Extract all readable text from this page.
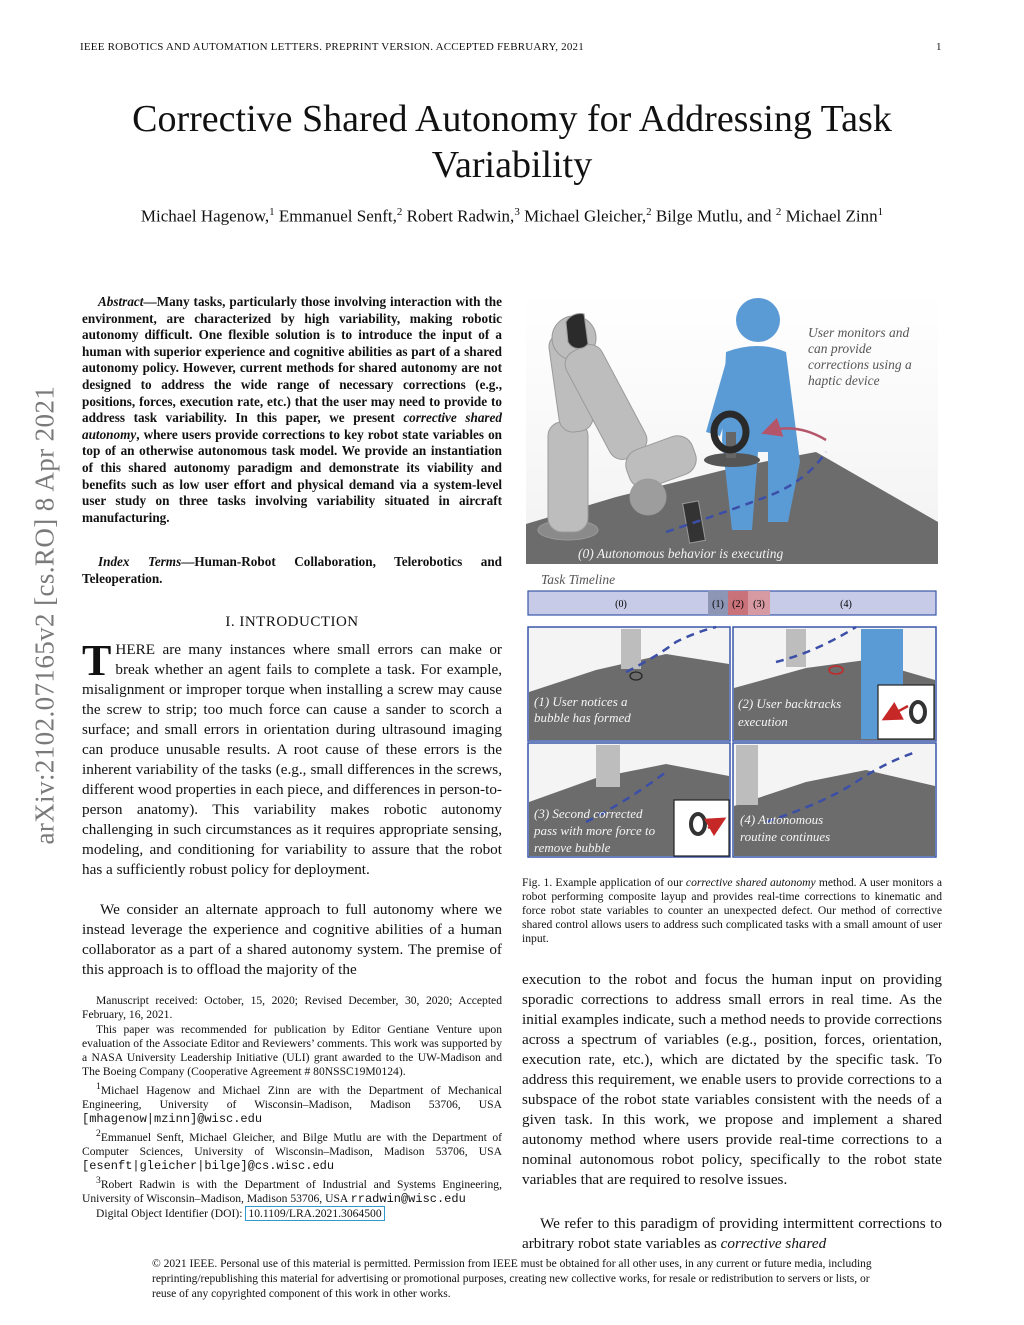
IEEE ROBOTICS AND AUTOMATION LETTERS. PREPRINT VERSION. ACCEPTED FEBRUARY, 2021	1
Corrective Shared Autonomy for Addressing Task Variability
Michael Hagenow,$^1$ Emmanuel Senft,$^2$ Robert Radwin,$^3$ Michael Gleicher,$^2$ Bilge Mutlu, and $^2$ Michael Zinn$^1$
arXiv:2102.07165v2 [cs.RO] 8 Apr 2021
Abstract—Many tasks, particularly those involving interaction with the environment, are characterized by high variability, making robotic autonomy difficult. One flexible solution is to introduce the input of a human with superior experience and cognitive abilities as part of a shared autonomy policy. However, current methods for shared autonomy are not designed to address the wide range of necessary corrections (e.g., positions, forces, execution rate, etc.) that the user may need to provide to address task variability. In this paper, we present corrective shared autonomy, where users provide corrections to key robot state variables on top of an otherwise autonomous task model. We provide an instantiation of this shared autonomy paradigm and demonstrate its viability and benefits such as low user effort and physical demand via a system-level user study on three tasks involving variability situated in aircraft manufacturing.
Index Terms—Human-Robot Collaboration, Telerobotics and Teleoperation.
I. INTRODUCTION
THERE are many instances where small errors can make or break whether an agent fails to complete a task. For example, misalignment or improper torque when installing a screw may cause the screw to strip; too much force can cause a sander to scorch a surface; and small errors in orientation during ultrasound imaging can produce unusable results. A root cause of these errors is the inherent variability of the tasks (e.g., small differences in the screws, different wood properties in each piece, and differences in person-to-person anatomy). This variability makes robotic autonomy challenging in such circumstances as it requires appropriate sensing, modeling, and conditioning for variability to assure that the robot has a sufficiently robust policy for deployment.
We consider an alternate approach to full autonomy where we instead leverage the experience and cognitive abilities of a human collaborator as a part of a shared autonomy system. The premise of this approach is to offload the majority of the

Manuscript received: October, 15, 2020; Revised December, 30, 2020; Accepted February, 16, 2021.

This paper was recommended for publication by Editor Gentiane Venture upon evaluation of the Associate Editor and Reviewers’ comments. This work was supported by a NASA University Leadership Initiative (ULI) grant awarded to the UW-Madison and The Boeing Company (Cooperative Agreement # 80NSSC19M0124).

$^1$Michael Hagenow and Michael Zinn are with the Department of Mechanical Engineering, University of Wisconsin–Madison, Madison 53706, USA [mhagenow|mzinn]@wisc.edu

$^2$Emmanuel Senft, Michael Gleicher, and Bilge Mutlu are with the Department of Computer Sciences, University of Wisconsin–Madison, Madison 53706, USA [esenft|gleicher|bilge]@cs.wisc.edu

$^3$Robert Radwin is with the Department of Industrial and Systems Engineering, University of Wisconsin–Madison, Madison 53706, USA rradwin@wisc.edu

Digital Object Identifier (DOI): 10.1109/LRA.2021.3064500

User monitors and can provide corrections using a haptic device
(0) Autonomous behavior is executing
Task Timeline
(0)	(1) (2) (3)	(4)
(1) User notices a bubble has formed
(2) User backtracks execution
(3) Second corrected pass with more force to remove bubble
(4) Autonomous routine continues
Fig. 1. Example application of our corrective shared autonomy method. A user monitors a robot performing composite layup and provides real-time corrections to kinematic and force robot state variables to counter an unexpected defect. Our method of corrective shared control allows users to address such complicated tasks with a small amount of user input.
execution to the robot and focus the human input on providing sporadic corrections to address small errors in real time. As the initial examples indicate, such a method needs to provide corrections across a spectrum of variables (e.g., position, forces, orientation, execution rate, etc.), which are dictated by the specific task. To address this requirement, we enable users to provide corrections to a subspace of the robot state variables consistent with the needs of a given task. In this work, we propose and implement a shared autonomy method where users provide real-time corrections to a nominal autonomous robot policy, specifically to the robot state variables that are required to resolve issues.
We refer to this paradigm of providing intermittent corrections to arbitrary robot state variables as corrective shared
© 2021 IEEE. Personal use of this material is permitted. Permission from IEEE must be obtained for all other uses, in any current or future media, including reprinting/republishing this material for advertising or promotional purposes, creating new collective works, for resale or redistribution to servers or lists, or reuse of any copyrighted component of this work in other works.
